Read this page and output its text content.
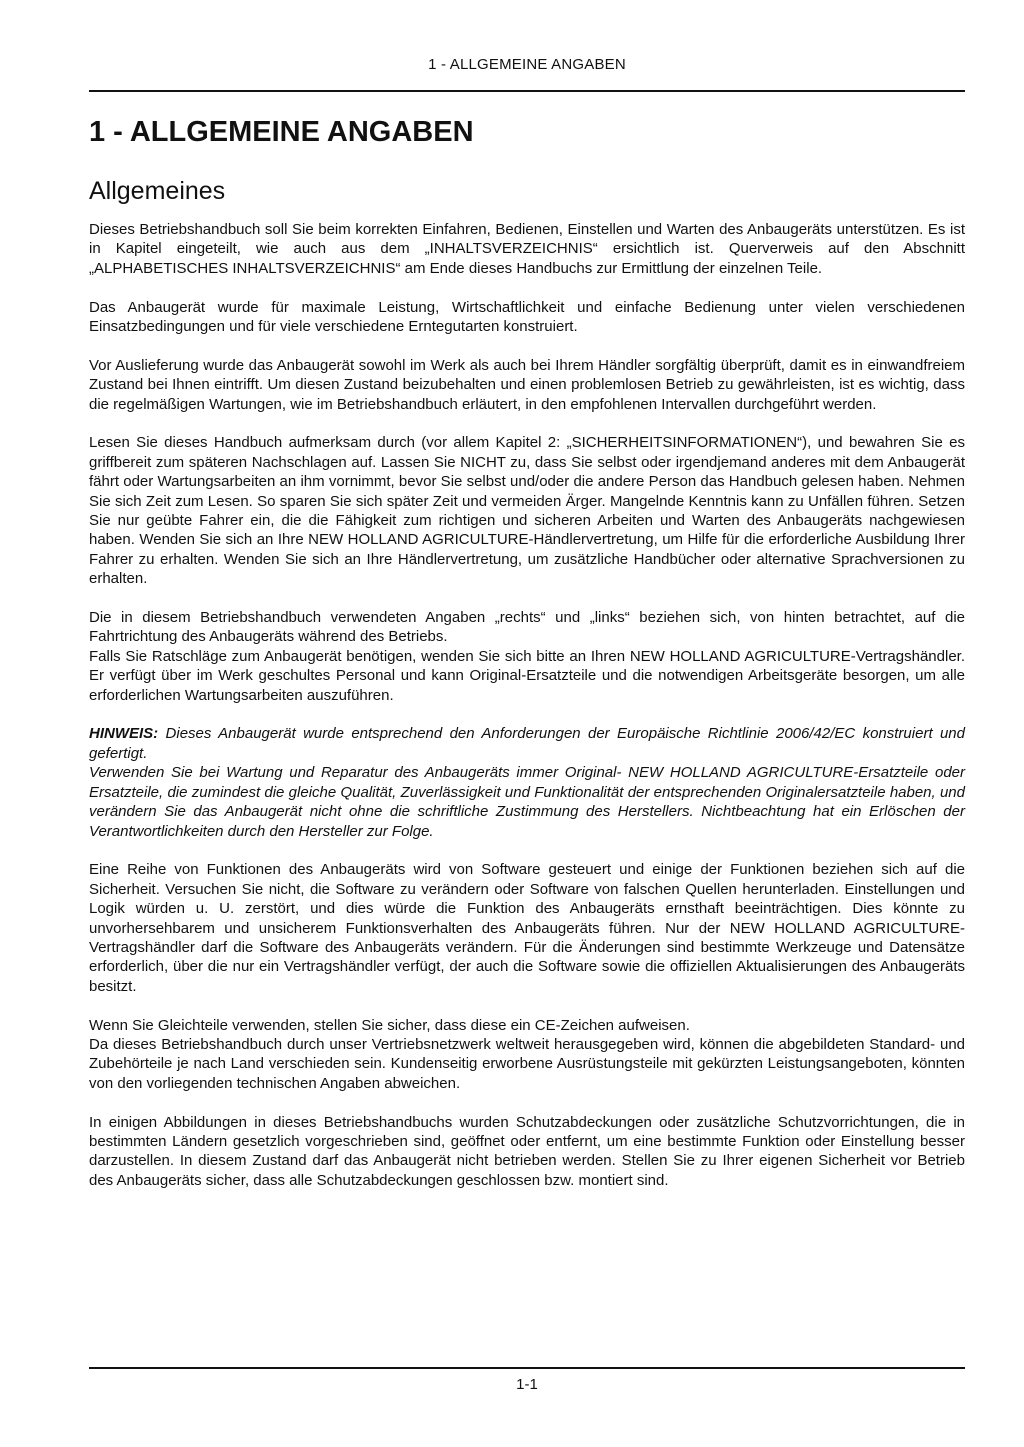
1 - ALLGEMEINE ANGABEN
1 - ALLGEMEINE ANGABEN
Allgemeines

Dieses Betriebshandbuch soll Sie beim korrekten Einfahren, Bedienen, Einstellen und Warten des Anbaugeräts unterstützen. Es ist in Kapitel eingeteilt, wie auch aus dem „INHALTSVERZEICHNIS“ ersichtlich ist. Querverweis auf den Abschnitt „ALPHABETISCHES INHALTSVERZEICHNIS“ am Ende dieses Handbuchs zur Ermittlung der einzelnen Teile.

Das Anbaugerät wurde für maximale Leistung, Wirtschaftlichkeit und einfache Bedienung unter vielen verschiedenen Einsatzbedingungen und für viele verschiedene Erntegutarten konstruiert.

Vor Auslieferung wurde das Anbaugerät sowohl im Werk als auch bei Ihrem Händler sorgfältig überprüft, damit es in einwandfreiem Zustand bei Ihnen eintrifft. Um diesen Zustand beizubehalten und einen problemlosen Betrieb zu gewährleisten, ist es wichtig, dass die regelmäßigen Wartungen, wie im Betriebshandbuch erläutert, in den empfohlenen Intervallen durchgeführt werden.

Lesen Sie dieses Handbuch aufmerksam durch (vor allem Kapitel 2: „SICHERHEITSINFORMATIONEN“), und bewahren Sie es griffbereit zum späteren Nachschlagen auf. Lassen Sie NICHT zu, dass Sie selbst oder irgendjemand anderes mit dem Anbaugerät fährt oder Wartungsarbeiten an ihm vornimmt, bevor Sie selbst und/oder die andere Person das Handbuch gelesen haben. Nehmen Sie sich Zeit zum Lesen. So sparen Sie sich später Zeit und vermeiden Ärger. Mangelnde Kenntnis kann zu Unfällen führen. Setzen Sie nur geübte Fahrer ein, die die Fähigkeit zum richtigen und sicheren Arbeiten und Warten des Anbaugeräts nachgewiesen haben. Wenden Sie sich an Ihre NEW HOLLAND AGRICULTURE-Händlervertretung, um Hilfe für die erforderliche Ausbildung Ihrer Fahrer zu erhalten. Wenden Sie sich an Ihre Händlervertretung, um zusätzliche Handbücher oder alternative Sprachversionen zu erhalten.

Die in diesem Betriebshandbuch verwendeten Angaben „rechts“ und „links“ beziehen sich, von hinten betrachtet, auf die Fahrtrichtung des Anbaugeräts während des Betriebs.
Falls Sie Ratschläge zum Anbaugerät benötigen, wenden Sie sich bitte an Ihren NEW HOLLAND AGRICULTURE-Vertragshändler. Er verfügt über im Werk geschultes Personal und kann Original-Ersatzteile und die notwendigen Arbeitsgeräte besorgen, um alle erforderlichen Wartungsarbeiten auszuführen.

HINWEIS: Dieses Anbaugerät wurde entsprechend den Anforderungen der Europäische Richtlinie 2006/42/EC konstruiert und gefertigt.
Verwenden Sie bei Wartung und Reparatur des Anbaugeräts immer Original- NEW HOLLAND AGRICULTURE-Ersatzteile oder Ersatzteile, die zumindest die gleiche Qualität, Zuverlässigkeit und Funktionalität der entsprechenden Originalersatzteile haben, und verändern Sie das Anbaugerät nicht ohne die schriftliche Zustimmung des Herstellers. Nichtbeachtung hat ein Erlöschen der Verantwortlichkeiten durch den Hersteller zur Folge.

Eine Reihe von Funktionen des Anbaugeräts wird von Software gesteuert und einige der Funktionen beziehen sich auf die Sicherheit. Versuchen Sie nicht, die Software zu verändern oder Software von falschen Quellen herunterladen. Einstellungen und Logik würden u. U. zerstört, und dies würde die Funktion des Anbaugeräts ernsthaft beeinträchtigen. Dies könnte zu unvorhersehbarem und unsicherem Funktionsverhalten des Anbaugeräts führen. Nur der NEW HOLLAND AGRICULTURE-Vertragshändler darf die Software des Anbaugeräts verändern. Für die Änderungen sind bestimmte Werkzeuge und Datensätze erforderlich, über die nur ein Vertragshändler verfügt, der auch die Software sowie die offiziellen Aktualisierungen des Anbaugeräts besitzt.

Wenn Sie Gleichteile verwenden, stellen Sie sicher, dass diese ein CE-Zeichen aufweisen.
Da dieses Betriebshandbuch durch unser Vertriebsnetzwerk weltweit herausgegeben wird, können die abgebildeten Standard- und Zubehörteile je nach Land verschieden sein. Kundenseitig erworbene Ausrüstungsteile mit gekürzten Leistungsangeboten, könnten von den vorliegenden technischen Angaben abweichen.

In einigen Abbildungen in dieses Betriebshandbuchs wurden Schutzabdeckungen oder zusätzliche Schutzvorrichtungen, die in bestimmten Ländern gesetzlich vorgeschrieben sind, geöffnet oder entfernt, um eine bestimmte Funktion oder Einstellung besser darzustellen. In diesem Zustand darf das Anbaugerät nicht betrieben werden. Stellen Sie zu Ihrer eigenen Sicherheit vor Betrieb des Anbaugeräts sicher, dass alle Schutzabdeckungen geschlossen bzw. montiert sind.

1-1
